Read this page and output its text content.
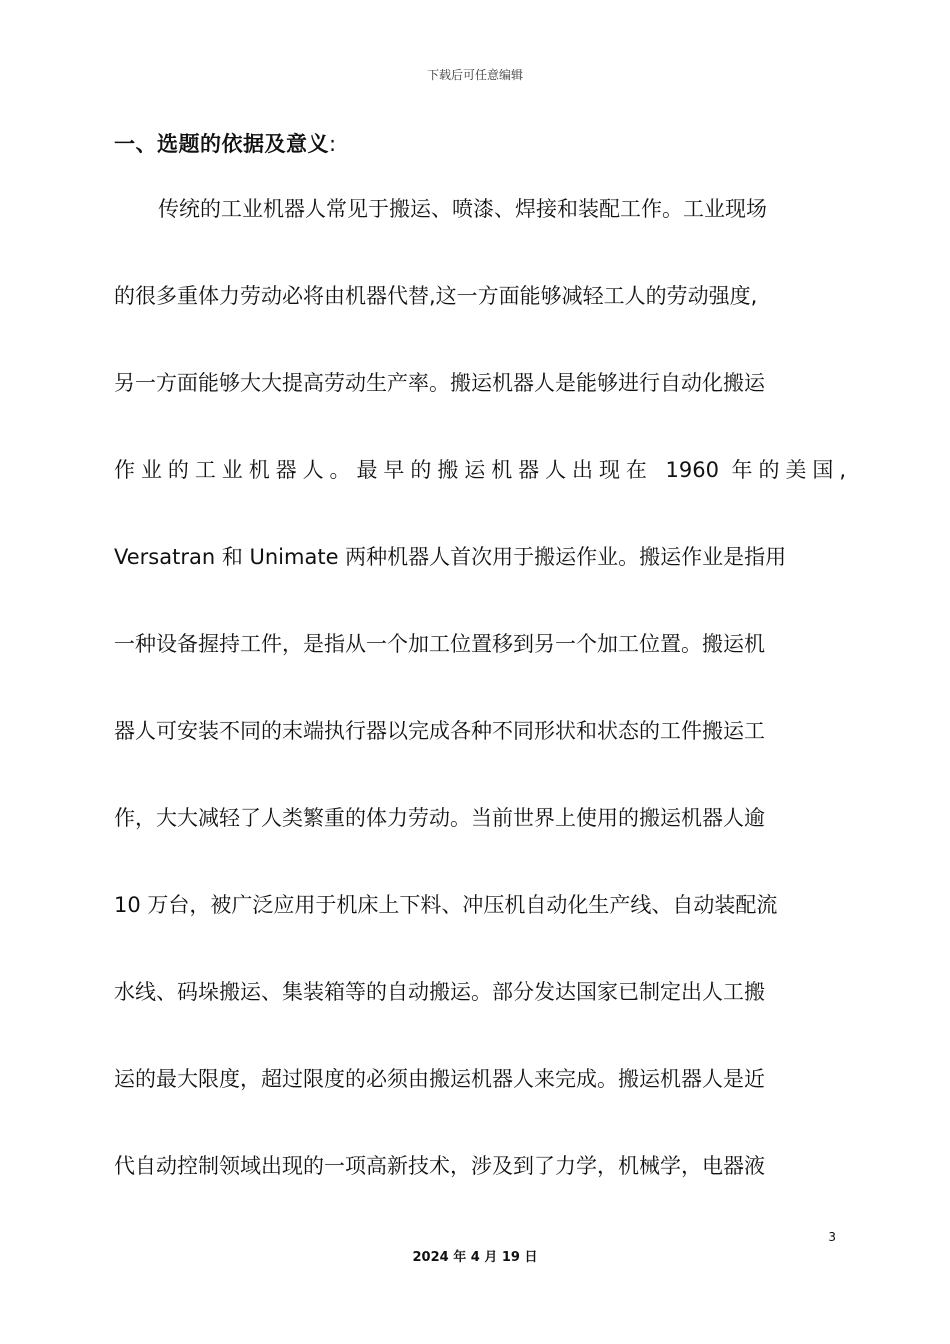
下载后可任意编辑
一、选题的依据及意义:
传统的工业机器人常见于搬运、喷漆、焊接和装配工作。工业现场
的很多重体力劳动必将由机器代替,这一方面能够减轻工人的劳动强度,
另一方面能够大大提高劳动生产率。搬运机器人是能够进行自动化搬运
作业的工业机器人。最早的搬运机器人出现在 1960 年的美国,
Versatran 和 Unimate 两种机器人首次用于搬运作业。搬运作业是指用
一种设备握持工件，是指从一个加工位置移到另一个加工位置。搬运机
器人可安装不同的末端执行器以完成各种不同形状和状态的工件搬运工
作，大大减轻了人类繁重的体力劳动。当前世界上使用的搬运机器人逾
10 万台，被广泛应用于机床上下料、冲压机自动化生产线、自动装配流
水线、码垛搬运、集装箱等的自动搬运。部分发达国家已制定出人工搬
运的最大限度，超过限度的必须由搬运机器人来完成。搬运机器人是近
代自动控制领域出现的一项高新技术，涉及到了力学，机械学，电器液
3
2024 年 4 月 19 日
